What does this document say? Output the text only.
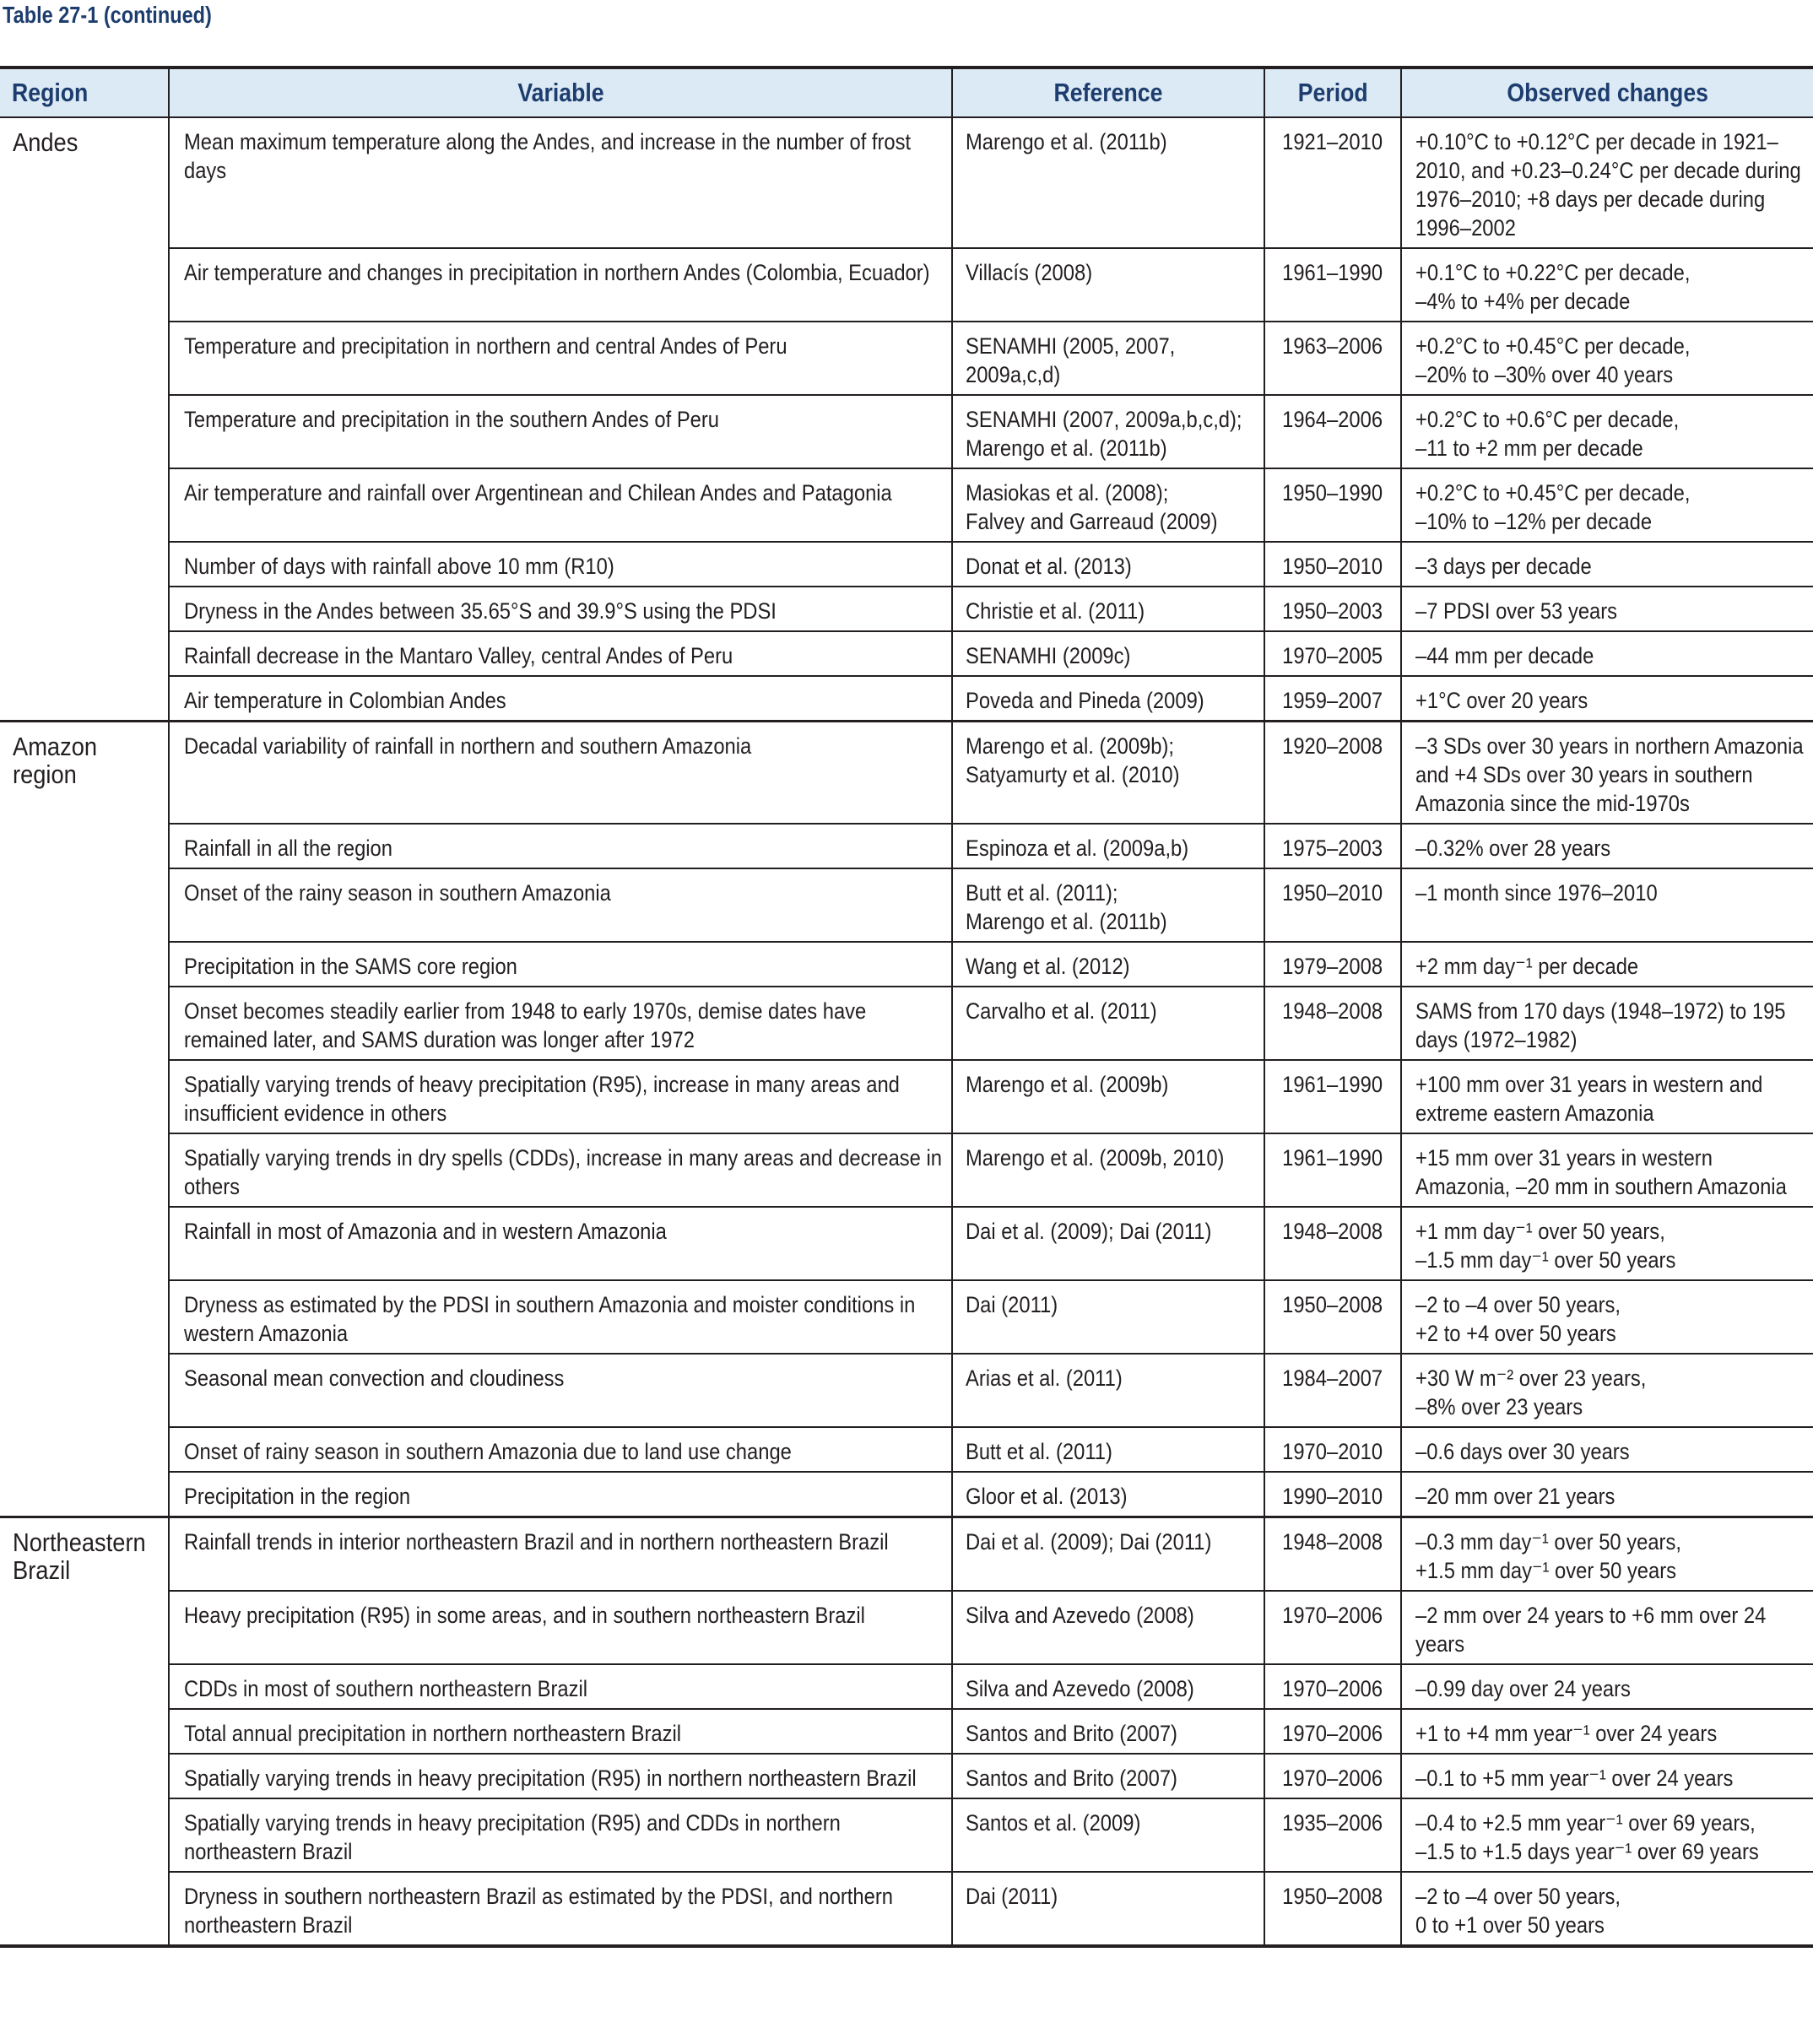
Table 27-1 (continued)
Region	Variable	Reference	Period	Observed changes
Andes	Mean maximum temperature along the Andes, and increase in the number of frost days	Marengo et al. (2011b)	1921–2010	+0.10°C to +0.12°C per decade in 1921–2010, and +0.23–0.24°C per decade during 1976–2010; +8 days per decade during 1996–2002
	Air temperature and changes in precipitation in northern Andes (Colombia, Ecuador)	Villacís (2008)	1961–1990	+0.1°C to +0.22°C per decade,
–4% to +4% per decade
	Temperature and precipitation in northern and central Andes of Peru	SENAMHI (2005, 2007, 2009a,c,d)	1963–2006	+0.2°C to +0.45°C per decade,
–20% to –30% over 40 years
	Temperature and precipitation in the southern Andes of Peru	SENAMHI (2007, 2009a,b,c,d);
Marengo et al. (2011b)	1964–2006	+0.2°C to +0.6°C per decade,
–11 to +2 mm per decade
	Air temperature and rainfall over Argentinean and Chilean Andes and Patagonia	Masiokas et al. (2008);
Falvey and Garreaud (2009)	1950–1990	+0.2°C to +0.45°C per decade,
–10% to –12% per decade
	Number of days with rainfall above 10 mm (R10)	Donat et al. (2013)	1950–2010	–3 days per decade
	Dryness in the Andes between 35.65°S and 39.9°S using the PDSI	Christie et al. (2011)	1950–2003	–7 PDSI over 53 years
	Rainfall decrease in the Mantaro Valley, central Andes of Peru	SENAMHI (2009c)	1970–2005	–44 mm per decade
	Air temperature in Colombian Andes	Poveda and Pineda (2009)	1959–2007	+1°C over 20 years
Amazon region	Decadal variability of rainfall in northern and southern Amazonia	Marengo et al. (2009b);
Satyamurty et al. (2010)	1920–2008	–3 SDs over 30 years in northern Amazonia and +4 SDs over 30 years in southern Amazonia since the mid-1970s
	Rainfall in all the region	Espinoza et al. (2009a,b)	1975–2003	–0.32% over 28 years
	Onset of the rainy season in southern Amazonia	Butt et al. (2011);
Marengo et al. (2011b)	1950–2010	–1 month since 1976–2010
	Precipitation in the SAMS core region	Wang et al. (2012)	1979–2008	+2 mm day⁻¹ per decade
	Onset becomes steadily earlier from 1948 to early 1970s, demise dates have remained later, and SAMS duration was longer after 1972	Carvalho et al. (2011)	1948–2008	SAMS from 170 days (1948–1972) to 195 days (1972–1982)
	Spatially varying trends of heavy precipitation (R95), increase in many areas and insufficient evidence in others	Marengo et al. (2009b)	1961–1990	+100 mm over 31 years in western and extreme eastern Amazonia
	Spatially varying trends in dry spells (CDDs), increase in many areas and decrease in others	Marengo et al. (2009b, 2010)	1961–1990	+15 mm over 31 years in western Amazonia, –20 mm in southern Amazonia
	Rainfall in most of Amazonia and in western Amazonia	Dai et al. (2009); Dai (2011)	1948–2008	+1 mm day⁻¹ over 50 years,
–1.5 mm day⁻¹ over 50 years
	Dryness as estimated by the PDSI in southern Amazonia and moister conditions in western Amazonia	Dai (2011)	1950–2008	–2 to –4 over 50 years,
+2 to +4 over 50 years
	Seasonal mean convection and cloudiness	Arias et al. (2011)	1984–2007	+30 W m⁻² over 23 years,
–8% over 23 years
	Onset of rainy season in southern Amazonia due to land use change	Butt et al. (2011)	1970–2010	–0.6 days over 30 years
	Precipitation in the region	Gloor et al. (2013)	1990–2010	–20 mm over 21 years
Northeastern Brazil	Rainfall trends in interior northeastern Brazil and in northern northeastern Brazil	Dai et al. (2009); Dai (2011)	1948–2008	–0.3 mm day⁻¹ over 50 years,
+1.5 mm day⁻¹ over 50 years
	Heavy precipitation (R95) in some areas, and in southern northeastern Brazil	Silva and Azevedo (2008)	1970–2006	–2 mm over 24 years to +6 mm over 24 years
	CDDs in most of southern northeastern Brazil	Silva and Azevedo (2008)	1970–2006	–0.99 day over 24 years
	Total annual precipitation in northern northeastern Brazil	Santos and Brito (2007)	1970–2006	+1 to +4 mm year⁻¹ over 24 years
	Spatially varying trends in heavy precipitation (R95) in northern northeastern Brazil	Santos and Brito (2007)	1970–2006	–0.1 to +5 mm year⁻¹ over 24 years
	Spatially varying trends in heavy precipitation (R95) and CDDs in northern northeastern Brazil	Santos et al. (2009)	1935–2006	–0.4 to +2.5 mm year⁻¹ over 69 years,
–1.5 to +1.5 days year⁻¹ over 69 years
	Dryness in southern northeastern Brazil as estimated by the PDSI, and northern northeastern Brazil	Dai (2011)	1950–2008	–2 to –4 over 50 years,
0 to +1 over 50 years
